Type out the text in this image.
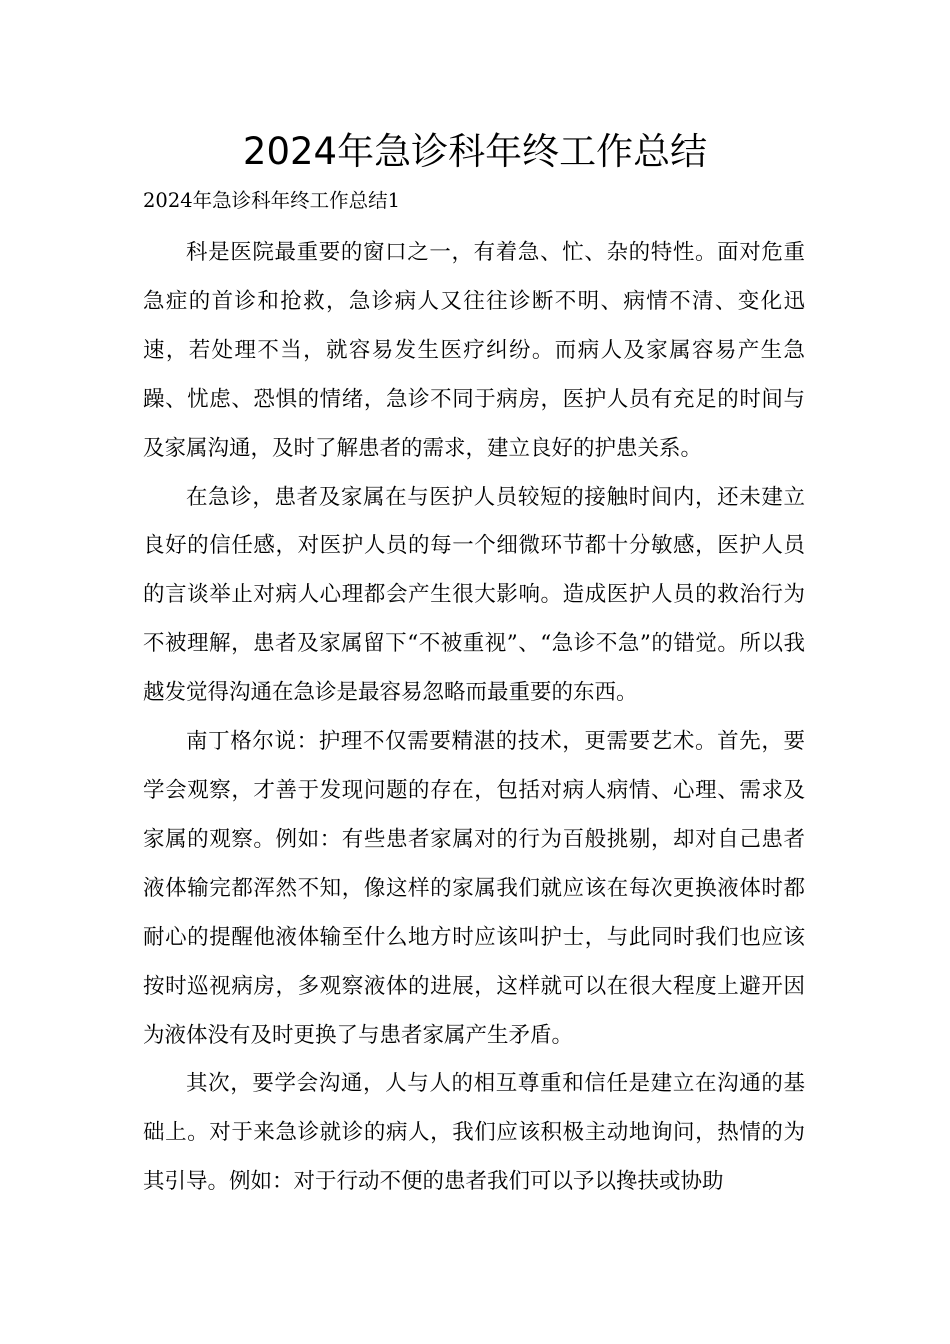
2024年急诊科年终工作总结

2024年急诊科年终工作总结1

科是医院最重要的窗口之一，有着急、忙、杂的特性。面对危重急症的首诊和抢救，急诊病人又往往诊断不明、病情不清、变化迅速，若处理不当，就容易发生医疗纠纷。而病人及家属容易产生急躁、忧虑、恐惧的情绪，急诊不同于病房，医护人员有充足的时间与及家属沟通，及时了解患者的需求，建立良好的护患关系。

在急诊，患者及家属在与医护人员较短的接触时间内，还未建立良好的信任感，对医护人员的每一个细微环节都十分敏感，医护人员的言谈举止对病人心理都会产生很大影响。造成医护人员的救治行为不被理解，患者及家属留下“不被重视”、“急诊不急”的错觉。所以我越发觉得沟通在急诊是最容易忽略而最重要的东西。

南丁格尔说：护理不仅需要精湛的技术，更需要艺术。首先，要学会观察，才善于发现问题的存在，包括对病人病情、心理、需求及家属的观察。例如：有些患者家属对的行为百般挑剔，却对自己患者液体输完都浑然不知，像这样的家属我们就应该在每次更换液体时都耐心的提醒他液体输至什么地方时应该叫护士，与此同时我们也应该按时巡视病房，多观察液体的进展，这样就可以在很大程度上避开因为液体没有及时更换了与患者家属产生矛盾。

其次，要学会沟通，人与人的相互尊重和信任是建立在沟通的基础上。对于来急诊就诊的病人，我们应该积极主动地询问，热情的为其引导。例如：对于行动不便的患者我们可以予以搀扶或协助
